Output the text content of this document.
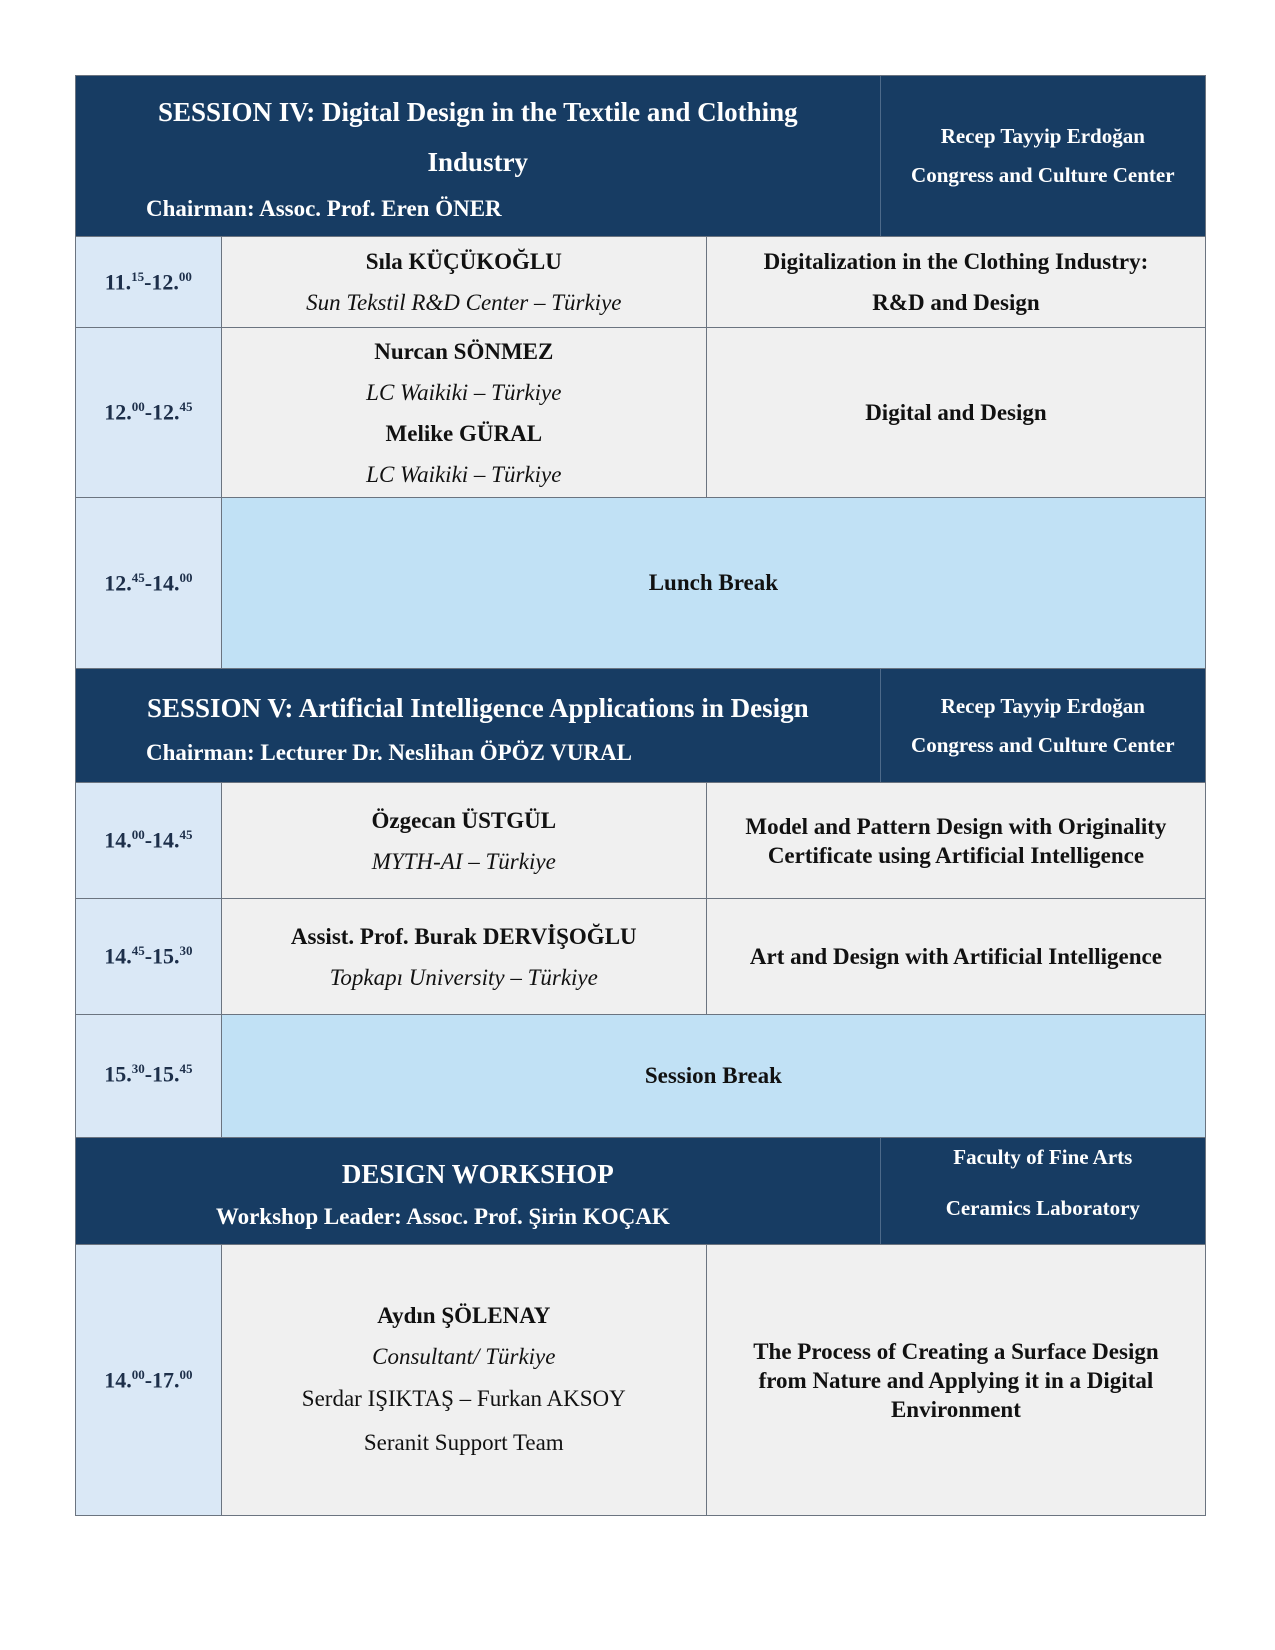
SESSION IV: Digital Design in the Textile and Clothing Industry
Chairman: Assoc. Prof. Eren ÖNER
Recep Tayyip Erdoğan
Congress and Culture Center
11.15-12.00
Sıla KÜÇÜKOĞLU
Sun Tekstil R&D Center – Türkiye
Digitalization in the Clothing Industry:
R&D and Design
12.00-12.45
Nurcan SÖNMEZ
LC Waikiki – Türkiye
Melike GÜRAL
LC Waikiki – Türkiye
Digital and Design
12.45-14.00	Lunch Break
SESSION V: Artificial Intelligence Applications in Design
Chairman: Lecturer Dr. Neslihan ÖPÖZ VURAL
Recep Tayyip Erdoğan
Congress and Culture Center
14.00-14.45
Özgecan ÜSTGÜL
MYTH-AI – Türkiye
Model and Pattern Design with Originality
Certificate using Artificial Intelligence
14.45-15.30
Assist. Prof. Burak DERVİŞOĞLU
Topkapı University – Türkiye
Art and Design with Artificial Intelligence
15.30-15.45	Session Break
DESIGN WORKSHOP
Workshop Leader: Assoc. Prof. Şirin KOÇAK
Faculty of Fine Arts
Ceramics Laboratory
14.00-17.00
Aydın ŞÖLENAY
Consultant/ Türkiye
Serdar IŞIKTAŞ – Furkan AKSOY
Seranit Support Team
The Process of Creating a Surface Design
from Nature and Applying it in a Digital
Environment
